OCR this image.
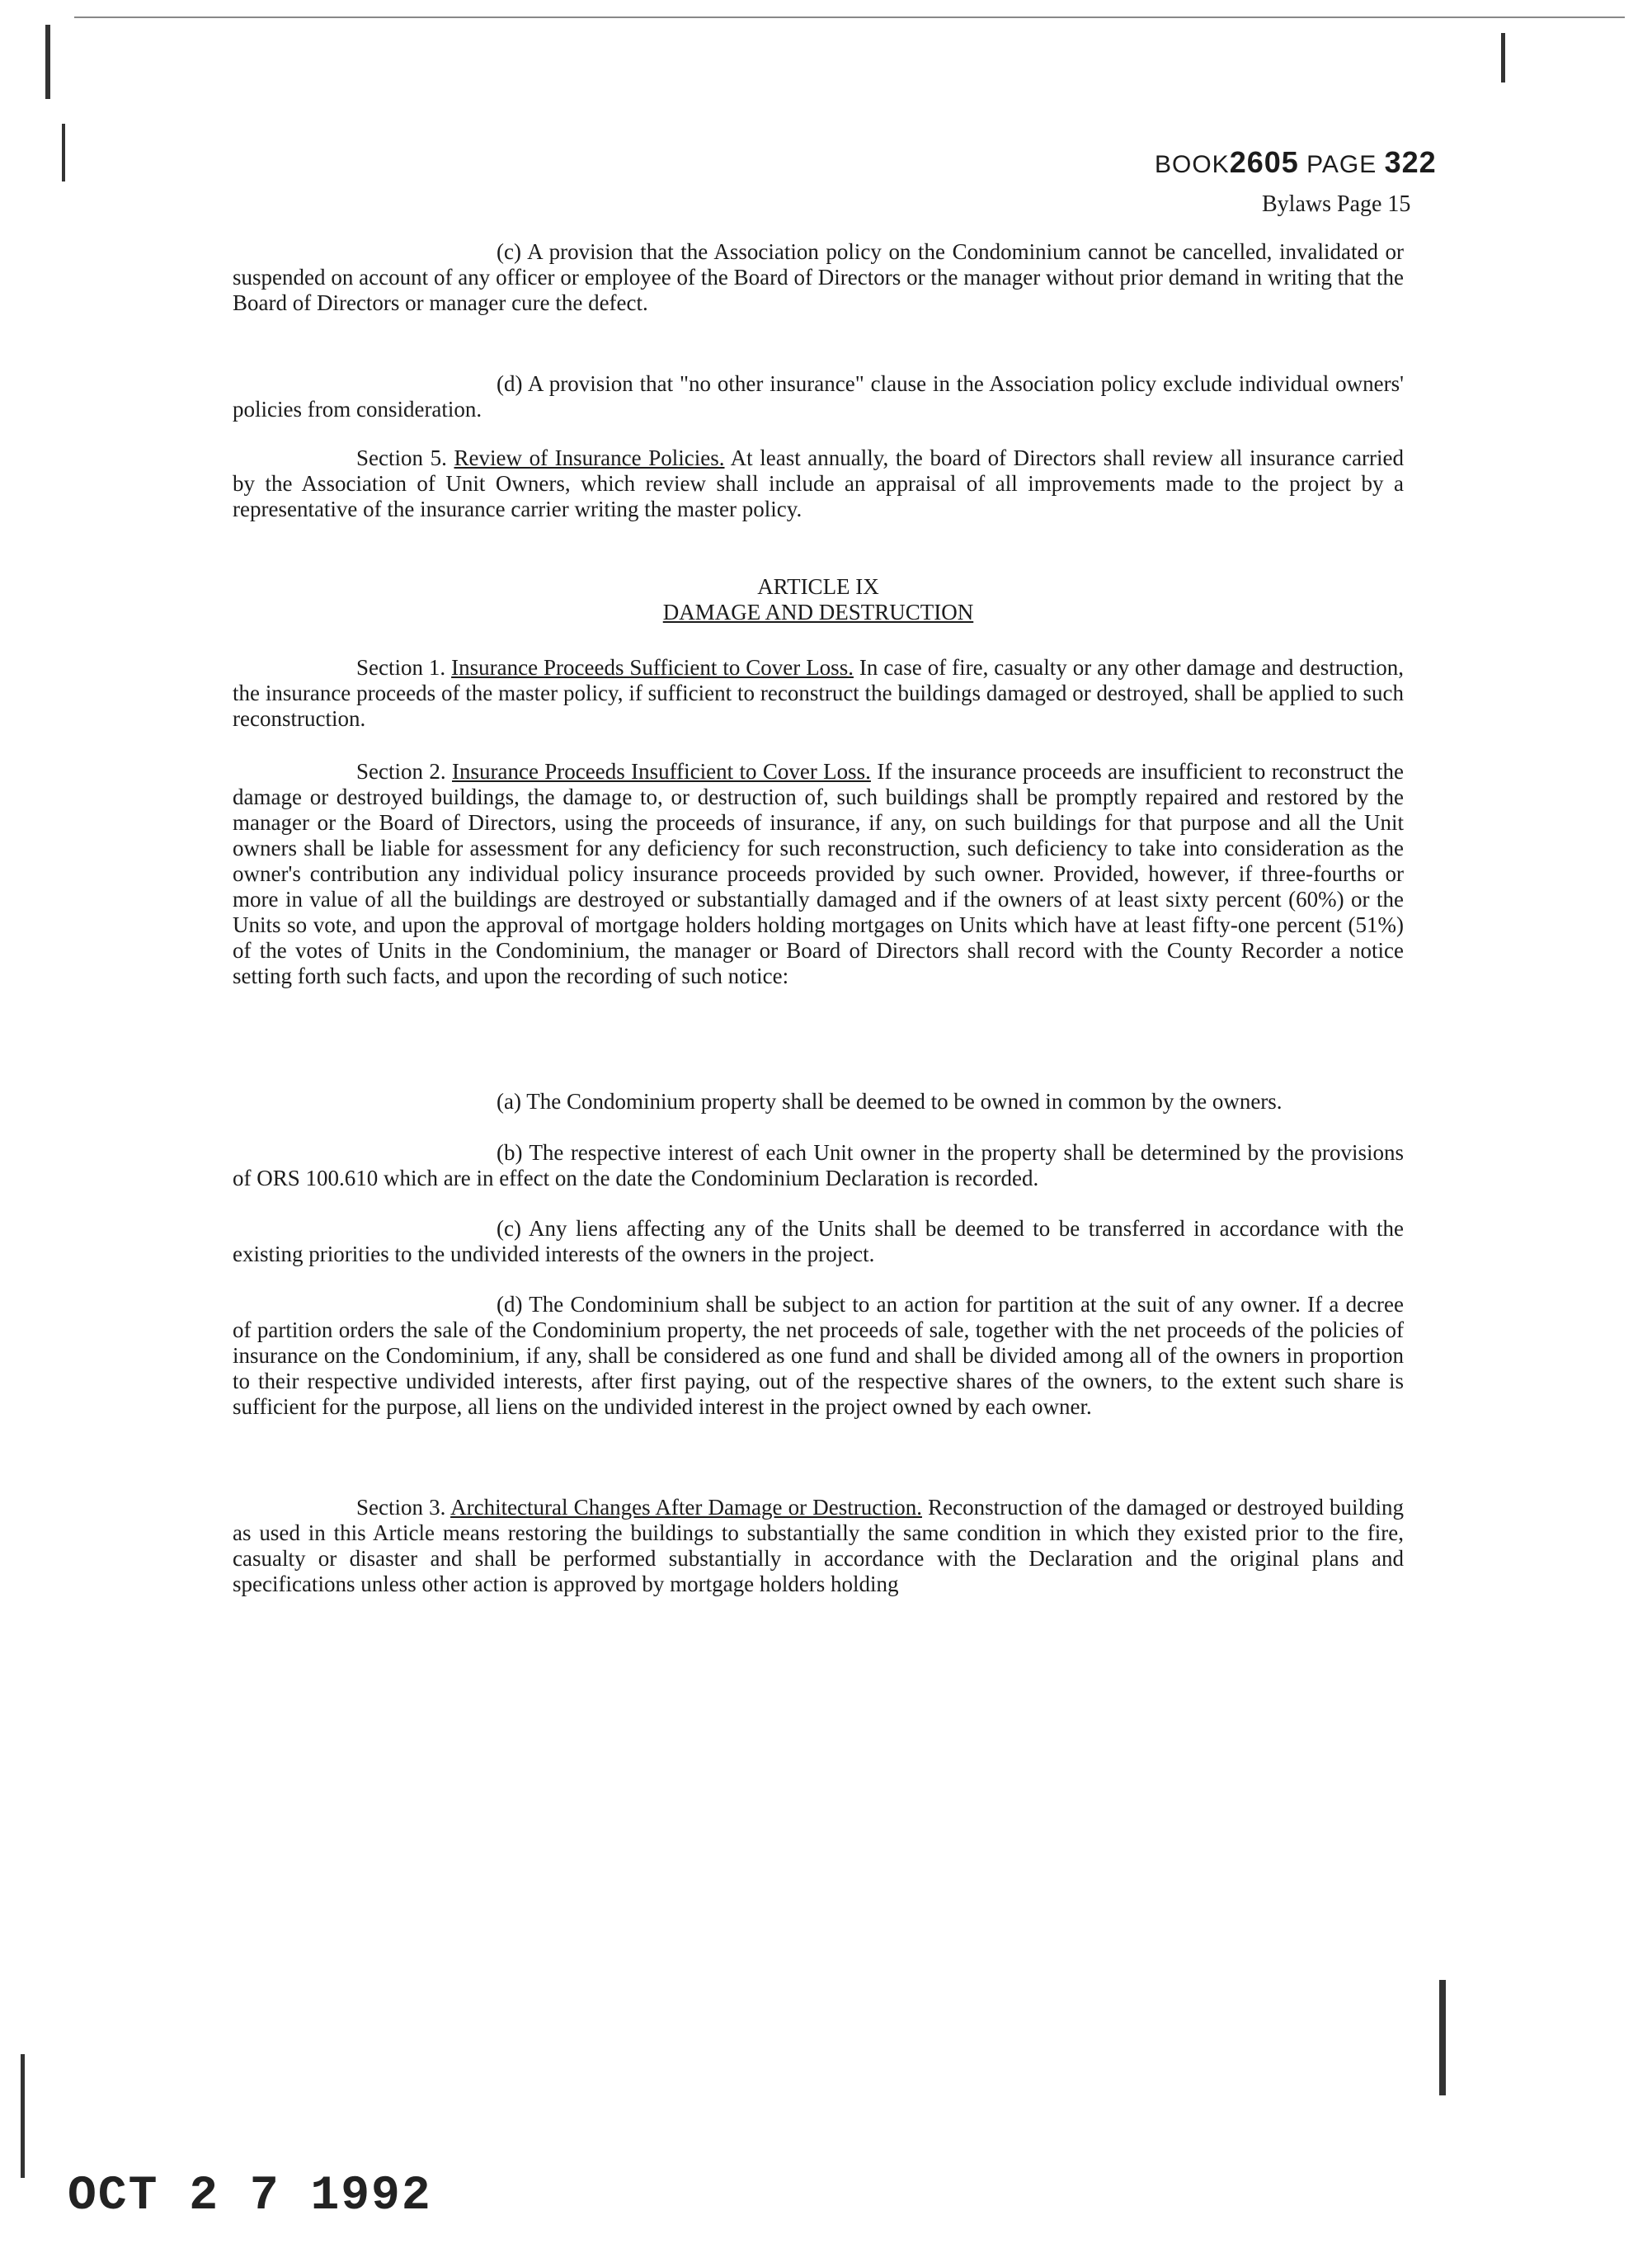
BOOK2605 PAGE 322
Bylaws Page 15
(c) A provision that the Association policy on the Condominium cannot be cancelled, invalidated or suspended on account of any officer or employee of the Board of Directors or the manager without prior demand in writing that the Board of Directors or manager cure the defect.
(d) A provision that "no other insurance" clause in the Association policy exclude individual owners' policies from consideration.
Section 5. Review of Insurance Policies. At least annually, the board of Directors shall review all insurance carried by the Association of Unit Owners, which review shall include an appraisal of all improvements made to the project by a representative of the insurance carrier writing the master policy.
ARTICLE IX
DAMAGE AND DESTRUCTION
Section 1. Insurance Proceeds Sufficient to Cover Loss. In case of fire, casualty or any other damage and destruction, the insurance proceeds of the master policy, if sufficient to reconstruct the buildings damaged or destroyed, shall be applied to such reconstruction.
Section 2. Insurance Proceeds Insufficient to Cover Loss. If the insurance proceeds are insufficient to reconstruct the damage or destroyed buildings, the damage to, or destruction of, such buildings shall be promptly repaired and restored by the manager or the Board of Directors, using the proceeds of insurance, if any, on such buildings for that purpose and all the Unit owners shall be liable for assessment for any deficiency for such reconstruction, such deficiency to take into consideration as the owner's contribution any individual policy insurance proceeds provided by such owner. Provided, however, if three-fourths or more in value of all the buildings are destroyed or substantially damaged and if the owners of at least sixty percent (60%) or the Units so vote, and upon the approval of mortgage holders holding mortgages on Units which have at least fifty-one percent (51%) of the votes of Units in the Condominium, the manager or Board of Directors shall record with the County Recorder a notice setting forth such facts, and upon the recording of such notice:
(a) The Condominium property shall be deemed to be owned in common by the owners.
(b) The respective interest of each Unit owner in the property shall be determined by the provisions of ORS 100.610 which are in effect on the date the Condominium Declaration is recorded.
(c) Any liens affecting any of the Units shall be deemed to be transferred in accordance with the existing priorities to the undivided interests of the owners in the project.
(d) The Condominium shall be subject to an action for partition at the suit of any owner. If a decree of partition orders the sale of the Condominium property, the net proceeds of sale, together with the net proceeds of the policies of insurance on the Condominium, if any, shall be considered as one fund and shall be divided among all of the owners in proportion to their respective undivided interests, after first paying, out of the respective shares of the owners, to the extent such share is sufficient for the purpose, all liens on the undivided interest in the project owned by each owner.
Section 3. Architectural Changes After Damage or Destruction. Reconstruction of the damaged or destroyed building as used in this Article means restoring the buildings to substantially the same condition in which they existed prior to the fire, casualty or disaster and shall be performed substantially in accordance with the Declaration and the original plans and specifications unless other action is approved by mortgage holders holding
OCT 2 7 1992
